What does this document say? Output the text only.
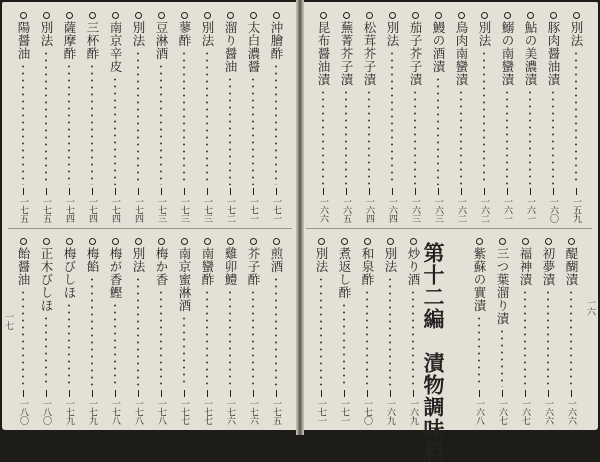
一七
沖膾酢
一七一
太白濃醤
一七一
溜り醤油
一七二
別法
一七三
蓼酢
一七三
豆淋酒
一七三
別法
一七四
南京辛皮
一七四
三杯酢
一七四
薩摩酢
一七四
別法
一七五
陽醤油
一七五
煎酒
一七五
芥子酢
一七六
雞卯鱧
一七六
南蠻酢
一七七
南京蜜淋酒
一七七
梅か香
一七八
別法
一七八
梅が香鰹
一七八
梅餡
一七九
梅びしほ
一七九
正木びしほ
一八〇
飴醤油
一八〇	第十二編　漬物調味料	一六
別法
一五九
豚肉醤油漬
一六〇
鮎の美濃漬
一六一
鰯の南蠻漬
一六一
別法
一六二
鳥肉南蠻漬
一六二
鰻の酒漬
一六三
茄子芥子漬
一六三
別法
一六四
松茸芥子漬
一六四
蕪菁芥子漬
一六五
昆布醤油漬
一六六
醍醐漬
一六六
初夢漬
一六六
福神漬
一六七
三つ葉溜り漬
一六七
紫蘇の實漬
一六八
炒り酒
一六九
別法
一六九
和泉酢
一七〇
煮返し酢
一七一
別法
一七一
